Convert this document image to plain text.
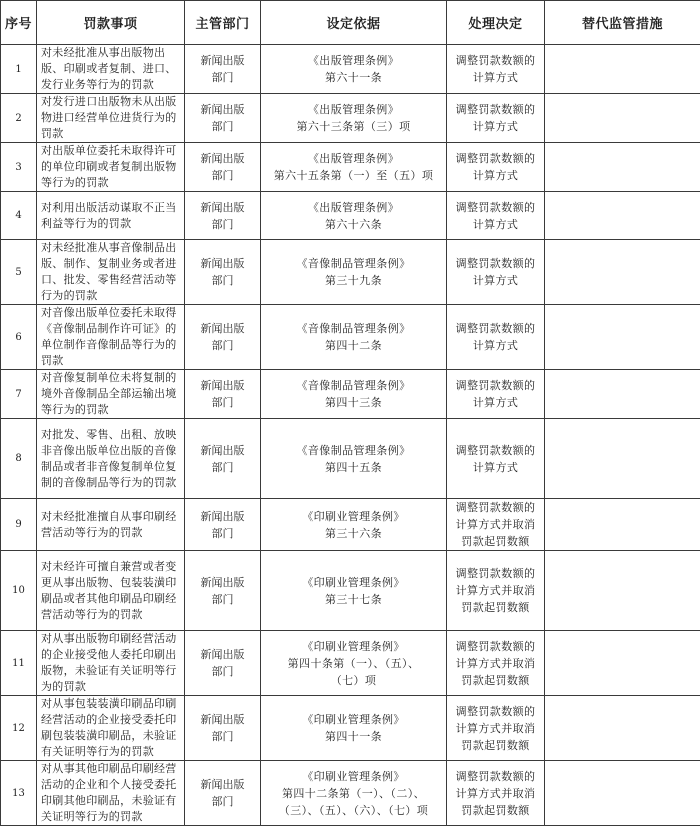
序号	罚款事项	主管部门	设定依据	处理决定	替代监管措施
1	对未经批准从事出版物出版、印刷或者复制、进口、发行业务等行为的罚款	新闻出版部门	《出版管理条例》
第六十一条	调整罚款数额的
计算方式	

2	对发行进口出版物未从出版物进口经营单位进货行为的罚款	新闻出版部门	《出版管理条例》
第六十三条第（三）项	调整罚款数额的
计算方式	

3	对出版单位委托未取得许可的单位印刷或者复制出版物等行为的罚款	新闻出版部门	《出版管理条例》
第六十五条第（一）至（五）项	调整罚款数额的
计算方式	

4	对利用出版活动谋取不正当利益等行为的罚款	新闻出版部门	《出版管理条例》
第六十六条	调整罚款数额的
计算方式	

5	对未经批准从事音像制品出版、制作、复制业务或者进口、批发、零售经营活动等行为的罚款	新闻出版部门	《音像制品管理条例》
第三十九条	调整罚款数额的
计算方式	

6	对音像出版单位委托未取得《音像制品制作许可证》的单位制作音像制品等行为的罚款	新闻出版部门	《音像制品管理条例》
第四十二条	调整罚款数额的
计算方式	

7	对音像复制单位未将复制的境外音像制品全部运输出境等行为的罚款	新闻出版部门	《音像制品管理条例》
第四十三条	调整罚款数额的
计算方式	

8	对批发、零售、出租、放映非音像出版单位出版的音像制品或者非音像复制单位复制的音像制品等行为的罚款	新闻出版部门	《音像制品管理条例》
第四十五条	调整罚款数额的
计算方式	

9	对未经批准擅自从事印刷经营活动等行为的罚款	新闻出版部门	《印刷业管理条例》
第三十六条	调整罚款数额的
计算方式并取消
罚款起罚数额	

10	对未经许可擅自兼营或者变更从事出版物、包装装潢印刷品或者其他印刷品印刷经营活动等行为的罚款	新闻出版部门	《印刷业管理条例》
第三十七条	调整罚款数额的
计算方式并取消
罚款起罚数额	

11	对从事出版物印刷经营活动的企业接受他人委托印刷出版物，未验证有关证明等行为的罚款	新闻出版部门	《印刷业管理条例》
第四十条第（一）、（五）、
（七）项	调整罚款数额的
计算方式并取消
罚款起罚数额	

12	对从事包装装潢印刷品印刷经营活动的企业接受委托印刷包装装潢印刷品，未验证有关证明等行为的罚款	新闻出版部门	《印刷业管理条例》
第四十一条	调整罚款数额的
计算方式并取消
罚款起罚数额	

13	对从事其他印刷品印刷经营活动的企业和个人接受委托印刷其他印刷品，未验证有关证明等行为的罚款	新闻出版部门	《印刷业管理条例》
第四十二条第（一）、（二）、
（三）、（五）、（六）、（七）项	调整罚款数额的
计算方式并取消
罚款起罚数额	
